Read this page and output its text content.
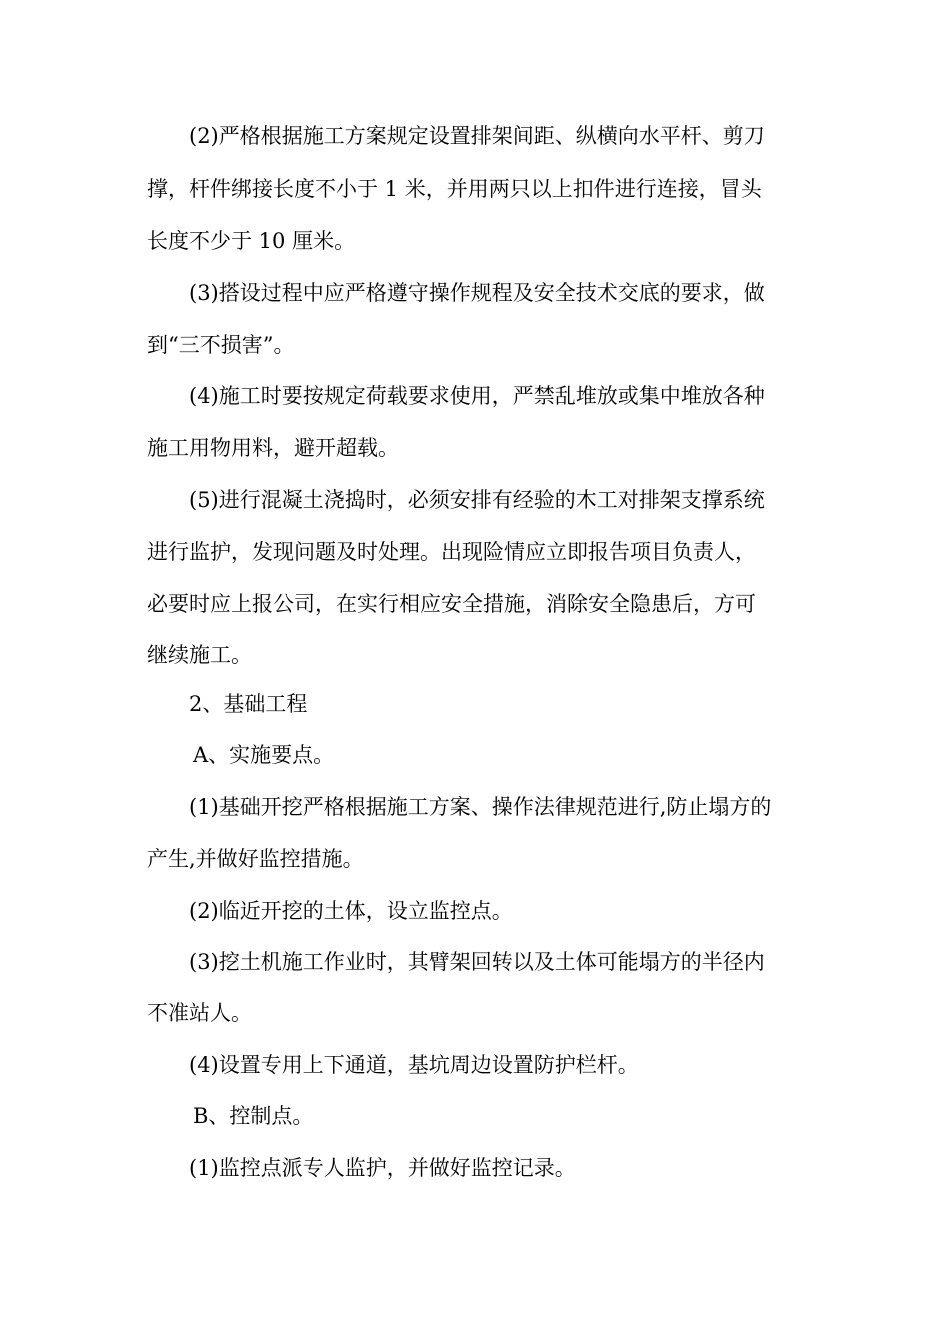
(2)严格根据施工方案规定设置排架间距、纵横向水平杆、剪刀
撑，杆件绑接长度不小于 1 米，并用两只以上扣件进行连接，冒头
长度不少于 10 厘米。
(3)搭设过程中应严格遵守操作规程及安全技术交底的要求，做
到“三不损害”。
(4)施工时要按规定荷载要求使用，严禁乱堆放或集中堆放各种
施工用物用料，避开超载。
(5)进行混凝土浇捣时，必须安排有经验的木工对排架支撑系统
进行监护，发现问题及时处理。出现险情应立即报告项目负责人，
必要时应上报公司，在实行相应安全措施，消除安全隐患后，方可
继续施工。
2、基础工程
A、实施要点。
(1)基础开挖严格根据施工方案、操作法律规范进行,防止塌方的
产生,并做好监控措施。
(2)临近开挖的土体，设立监控点。
(3)挖土机施工作业时，其臂架回转以及土体可能塌方的半径内
不准站人。
(4)设置专用上下通道，基坑周边设置防护栏杆。
B、控制点。
(1)监控点派专人监护，并做好监控记录。
